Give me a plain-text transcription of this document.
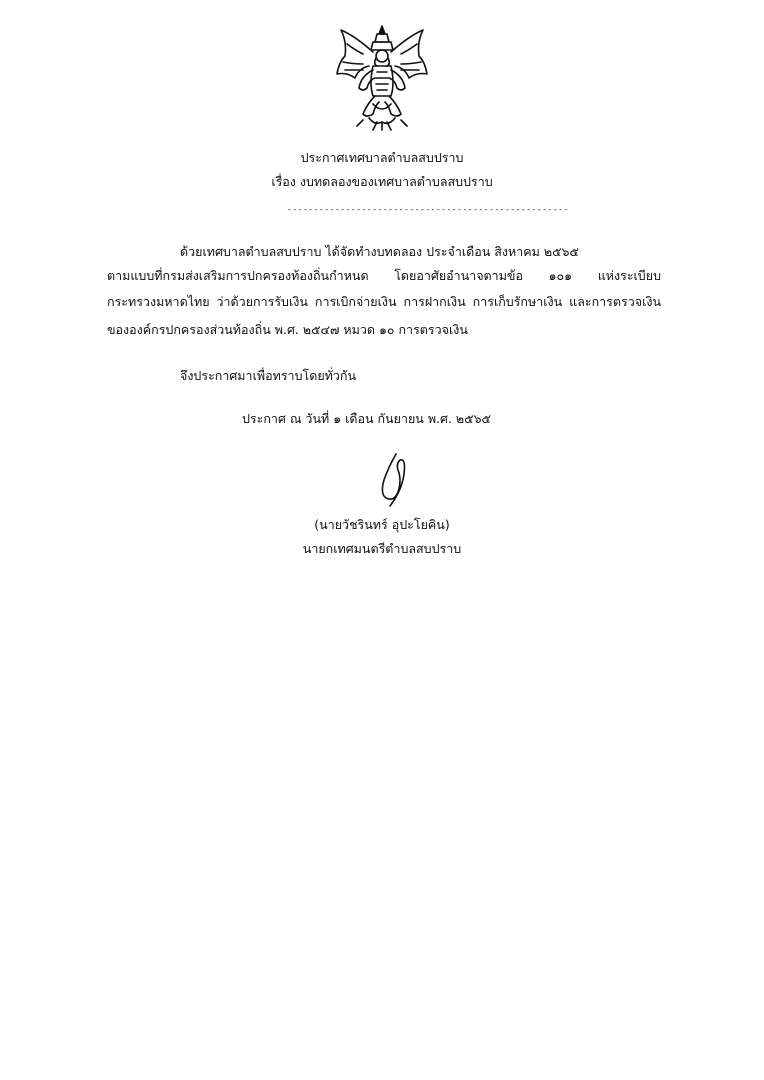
ประกาศเทศบาลตำบลสบปราบ
เรื่อง งบทดลองของเทศบาลตำบลสบปราบ
-----------------------------------------------------
ด้วยเทศบาลตำบลสบปราบ ได้จัดทำงบทดลอง ประจำเดือน สิงหาคม ๒๕๖๕
ตามแบบที่กรมส่งเสริมการปกครองท้องถิ่นกำหนด โดยอาศัยอำนาจตามข้อ ๑๐๑ แห่งระเบียบ
กระทรวงมหาดไทย ว่าด้วยการรับเงิน การเบิกจ่ายเงิน การฝากเงิน การเก็บรักษาเงิน และการตรวจเงิน
ขององค์กรปกครองส่วนท้องถิ่น พ.ศ. ๒๕๔๗ หมวด ๑๐ การตรวจเงิน
จึงประกาศมาเพื่อทราบโดยทั่วกัน
ประกาศ ณ วันที่ ๑ เดือน กันยายน พ.ศ. ๒๕๖๕
(นายวัชรินทร์ อุปะโยคิน)
นายกเทศมนตรีตำบลสบปราบ
